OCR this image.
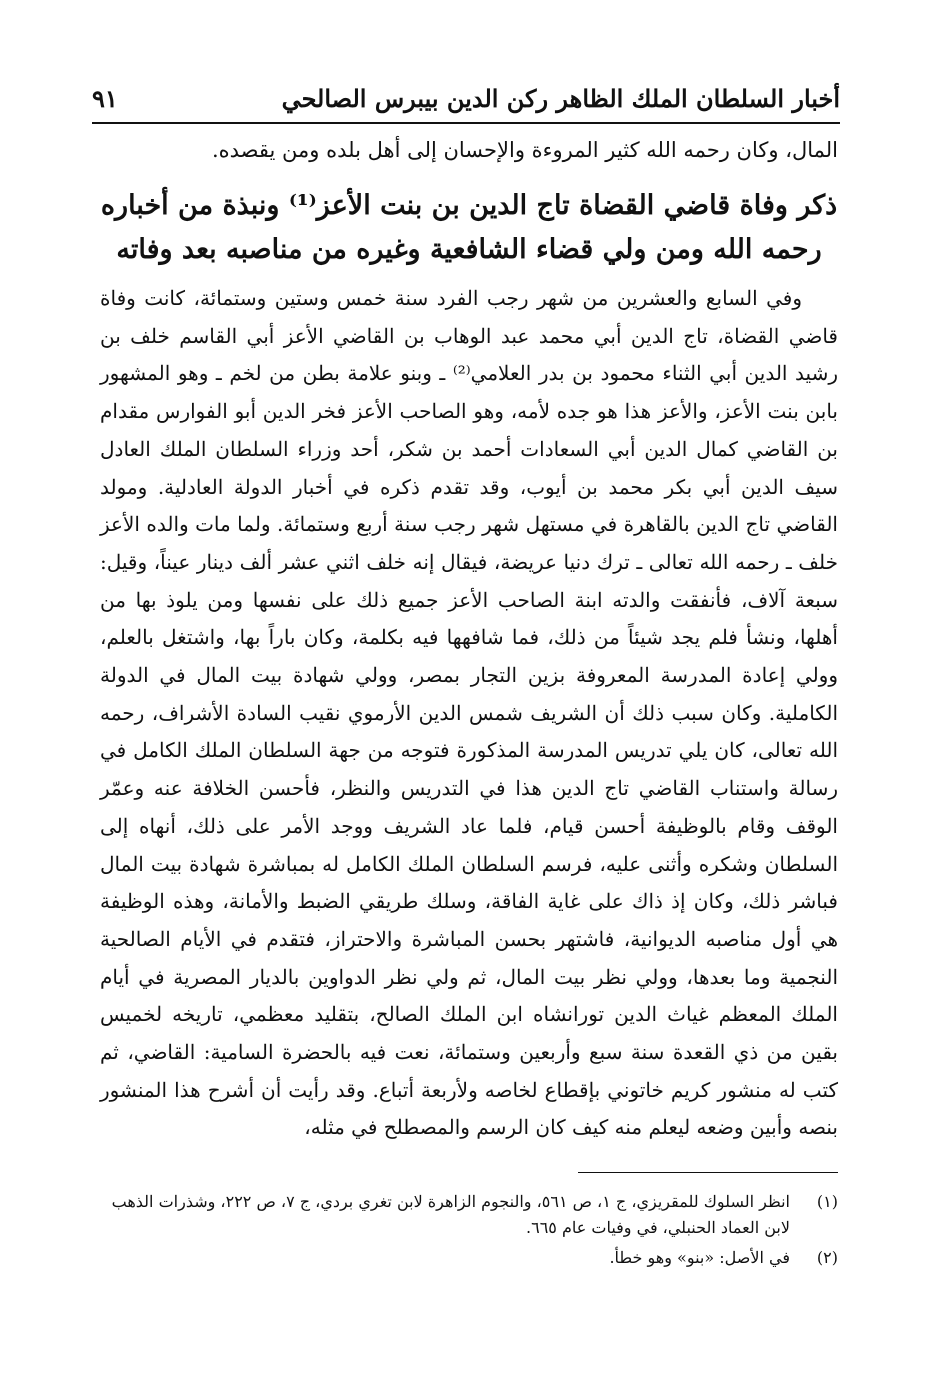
أخبار السلطان الملك الظاهر ركن الدين بيبرس الصالحي
٩١

المال، وكان رحمه الله كثير المروءة والإحسان إلى أهل بلده ومن يقصده.

ذكر وفاة قاضي القضاة تاج الدين بن بنت الأعز⁽¹⁾ ونبذة من أخباره
رحمه الله ومن ولي قضاء الشافعية وغيره من مناصبه بعد وفاته

وفي السابع والعشرين من شهر رجب الفرد سنة خمس وستين وستمائة، كانت وفاة قاضي القضاة، تاج الدين أبي محمد عبد الوهاب بن القاضي الأعز أبي القاسم خلف بن رشيد الدين أبي الثناء محمود بن بدر العلامي⁽²⁾ ـ وبنو علامة بطن من لخم ـ وهو المشهور بابن بنت الأعز، والأعز هذا هو جده لأمه، وهو الصاحب الأعز فخر الدين أبو الفوارس مقدام بن القاضي كمال الدين أبي السعادات أحمد بن شكر، أحد وزراء السلطان الملك العادل سيف الدين أبي بكر محمد بن أيوب، وقد تقدم ذكره في أخبار الدولة العادلية. ومولد القاضي تاج الدين بالقاهرة في مستهل شهر رجب سنة أربع وستمائة. ولما مات والده الأعز خلف ـ رحمه الله تعالى ـ ترك دنيا عريضة، فيقال إنه خلف اثني عشر ألف دينار عيناً، وقيل: سبعة آلاف، فأنفقت والدته ابنة الصاحب الأعز جميع ذلك على نفسها ومن يلوذ بها من أهلها، ونشأ فلم يجد شيئاً من ذلك، فما شافهها فيه بكلمة، وكان باراً بها، واشتغل بالعلم، وولي إعادة المدرسة المعروفة بزين التجار بمصر، وولي شهادة بيت المال في الدولة الكاملية. وكان سبب ذلك أن الشريف شمس الدين الأرموي نقيب السادة الأشراف، رحمه الله تعالى، كان يلي تدريس المدرسة المذكورة فتوجه من جهة السلطان الملك الكامل في رسالة واستناب القاضي تاج الدين هذا في التدريس والنظر، فأحسن الخلافة عنه وعمّر الوقف وقام بالوظيفة أحسن قيام، فلما عاد الشريف ووجد الأمر على ذلك، أنهاه إلى السلطان وشكره وأثنى عليه، فرسم السلطان الملك الكامل له بمباشرة شهادة بيت المال فباشر ذلك، وكان إذ ذاك على غاية الفاقة، وسلك طريقي الضبط والأمانة، وهذه الوظيفة هي أول مناصبه الديوانية، فاشتهر بحسن المباشرة والاحتراز، فتقدم في الأيام الصالحية النجمية وما بعدها، وولي نظر بيت المال، ثم ولي نظر الدواوين بالديار المصرية في أيام الملك المعظم غياث الدين تورانشاه ابن الملك الصالح، بتقليد معظمي، تاريخه لخميس بقين من ذي القعدة سنة سبع وأربعين وستمائة، نعت فيه بالحضرة السامية: القاضي، ثم كتب له منشور كريم خاتوني بإقطاع لخاصه ولأربعة أتباع. وقد رأيت أن أشرح هذا المنشور بنصه وأبين وضعه ليعلم منه كيف كان الرسم والمصطلح في مثله،

(١)
انظر السلوك للمقريزي، ج ١، ص ٥٦١، والنجوم الزاهرة لابن تغري بردي، ج ٧، ص ٢٢٢، وشذرات الذهب لابن العماد الحنبلي، في وفيات عام ٦٦٥.
(٢)
في الأصل: «بنو» وهو خطأ.
